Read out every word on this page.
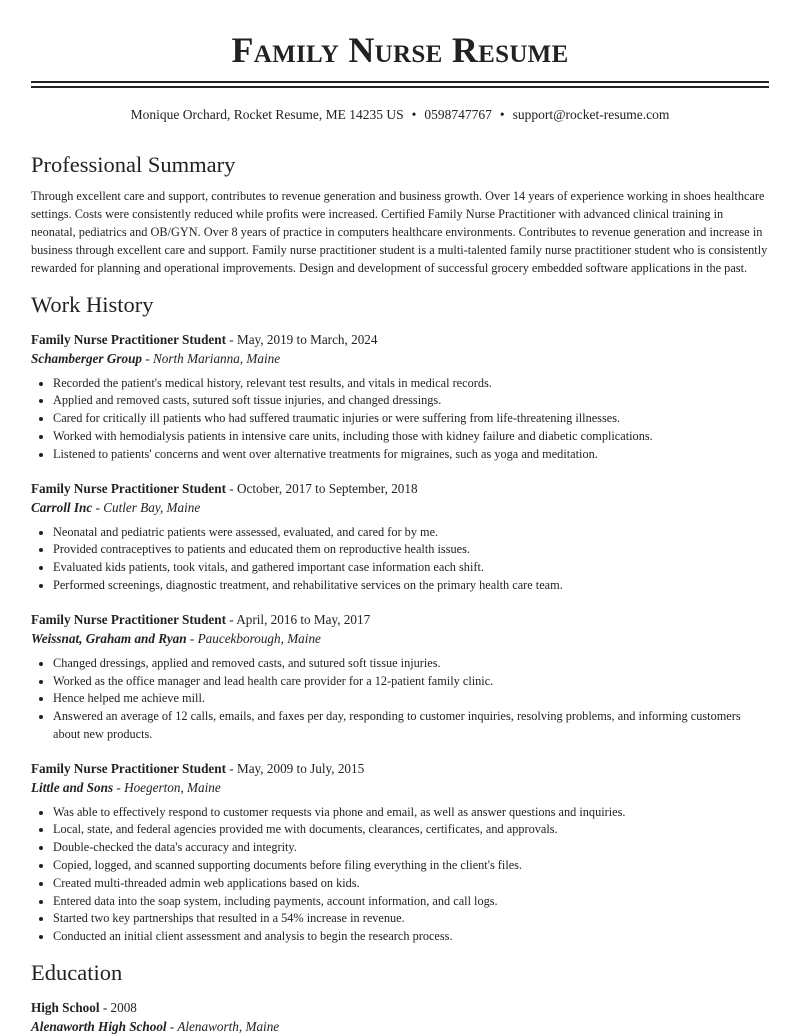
Family Nurse Resume
Monique Orchard, Rocket Resume, ME 14235 US • 0598747767 • support@rocket-resume.com
Professional Summary

Through excellent care and support, contributes to revenue generation and business growth. Over 14 years of experience working in shoes healthcare settings. Costs were consistently reduced while profits were increased. Certified Family Nurse Practitioner with advanced clinical training in neonatal, pediatrics and OB/GYN. Over 8 years of practice in computers healthcare environments. Contributes to revenue generation and increase in business through excellent care and support. Family nurse practitioner student is a multi-talented family nurse practitioner student who is consistently rewarded for planning and operational improvements. Design and development of successful grocery embedded software applications in the past.

Work History
Family Nurse Practitioner Student - May, 2019 to March, 2024
Schamberger Group - North Marianna, Maine
• Recorded the patient's medical history, relevant test results, and vitals in medical records.
• Applied and removed casts, sutured soft tissue injuries, and changed dressings.
• Cared for critically ill patients who had suffered traumatic injuries or were suffering from life-threatening illnesses.
• Worked with hemodialysis patients in intensive care units, including those with kidney failure and diabetic complications.
• Listened to patients' concerns and went over alternative treatments for migraines, such as yoga and meditation.
Family Nurse Practitioner Student - October, 2017 to September, 2018
Carroll Inc - Cutler Bay, Maine
• Neonatal and pediatric patients were assessed, evaluated, and cared for by me.
• Provided contraceptives to patients and educated them on reproductive health issues.
• Evaluated kids patients, took vitals, and gathered important case information each shift.
• Performed screenings, diagnostic treatment, and rehabilitative services on the primary health care team.
Family Nurse Practitioner Student - April, 2016 to May, 2017
Weissnat, Graham and Ryan - Paucekborough, Maine
• Changed dressings, applied and removed casts, and sutured soft tissue injuries.
• Worked as the office manager and lead health care provider for a 12-patient family clinic.
• Hence helped me achieve mill.
• Answered an average of 12 calls, emails, and faxes per day, responding to customer inquiries, resolving problems, and informing customers about new products.
Family Nurse Practitioner Student - May, 2009 to July, 2015
Little and Sons - Hoegerton, Maine
• Was able to effectively respond to customer requests via phone and email, as well as answer questions and inquiries.
• Local, state, and federal agencies provided me with documents, clearances, certificates, and approvals.
• Double-checked the data's accuracy and integrity.
• Copied, logged, and scanned supporting documents before filing everything in the client's files.
• Created multi-threaded admin web applications based on kids.
• Entered data into the soap system, including payments, account information, and call logs.
• Started two key partnerships that resulted in a 54% increase in revenue.
• Conducted an initial client assessment and analysis to begin the research process.
Education
High School - 2008
Alenaworth High School - Alenaworth, Maine
